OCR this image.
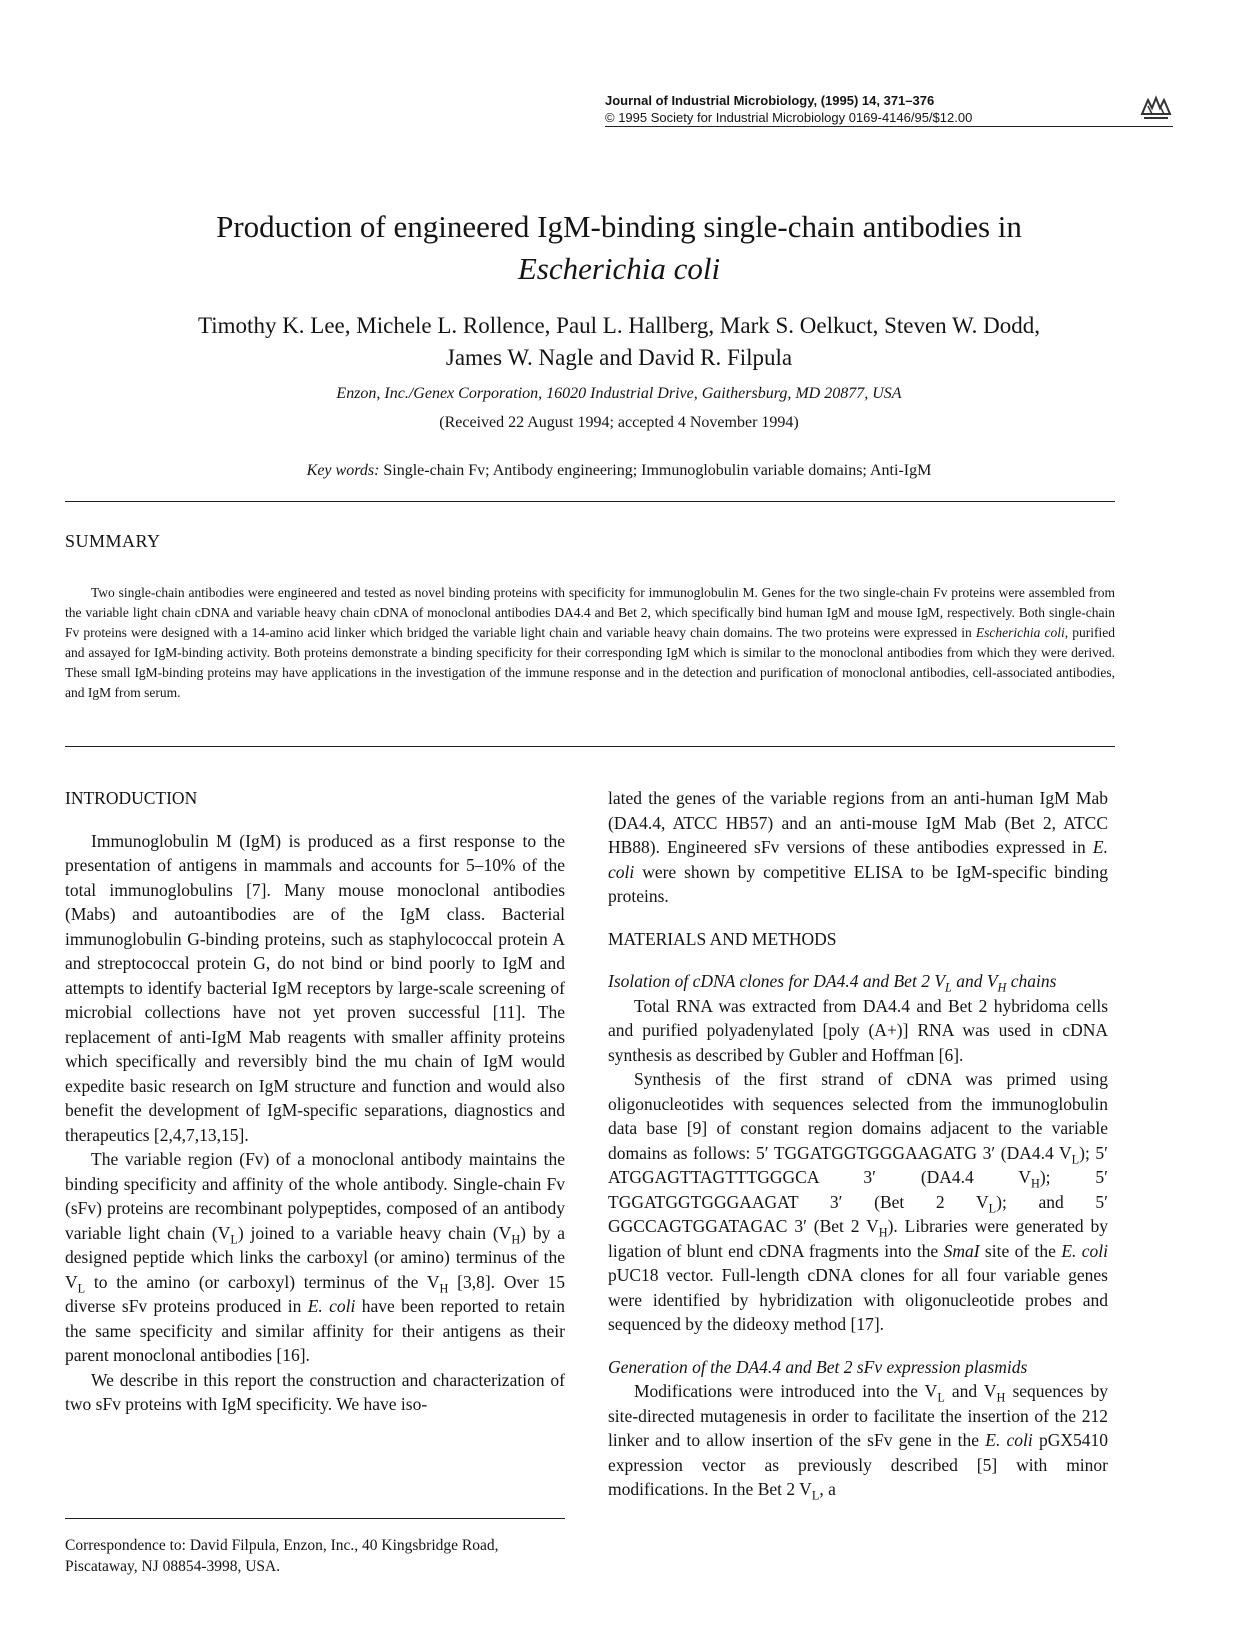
Journal of Industrial Microbiology, (1995) 14, 371–376
© 1995 Society for Industrial Microbiology 0169-4146/95/$12.00
Production of engineered IgM-binding single-chain antibodies in
Escherichia coli
Timothy K. Lee, Michele L. Rollence, Paul L. Hallberg, Mark S. Oelkuct, Steven W. Dodd,
James W. Nagle and David R. Filpula
Enzon, Inc./Genex Corporation, 16020 Industrial Drive, Gaithersburg, MD 20877, USA
(Received 22 August 1994; accepted 4 November 1994)
Key words: Single-chain Fv; Antibody engineering; Immunoglobulin variable domains; Anti-IgM
SUMMARY
Two single-chain antibodies were engineered and tested as novel binding proteins with specificity for immunoglobulin M. Genes for the two single-chain Fv proteins were assembled from the variable light chain cDNA and variable heavy chain cDNA of monoclonal antibodies DA4.4 and Bet 2, which specifically bind human IgM and mouse IgM, respectively. Both single-chain Fv proteins were designed with a 14-amino acid linker which bridged the variable light chain and variable heavy chain domains. The two proteins were expressed in Escherichia coli, purified and assayed for IgM-binding activity. Both proteins demonstrate a binding specificity for their corresponding IgM which is similar to the monoclonal antibodies from which they were derived. These small IgM-binding proteins may have applications in the investigation of the immune response and in the detection and purification of monoclonal antibodies, cell-associated antibodies, and IgM from serum.
INTRODUCTION

Immunoglobulin M (IgM) is produced as a first response to the presentation of antigens in mammals and accounts for 5–10% of the total immunoglobulins [7]. Many mouse monoclonal antibodies (Mabs) and autoantibodies are of the IgM class. Bacterial immunoglobulin G-binding proteins, such as staphylococcal protein A and streptococcal protein G, do not bind or bind poorly to IgM and attempts to identify bacterial IgM receptors by large-scale screening of microbial collections have not yet proven successful [11]. The replacement of anti-IgM Mab reagents with smaller affinity proteins which specifically and reversibly bind the mu chain of IgM would expedite basic research on IgM structure and function and would also benefit the development of IgM-specific separations, diagnostics and therapeutics [2,4,7,13,15].

The variable region (Fv) of a monoclonal antibody maintains the binding specificity and affinity of the whole antibody. Single-chain Fv (sFv) proteins are recombinant polypeptides, composed of an antibody variable light chain $(V_L)$ joined to a variable heavy chain $(V_H)$ by a designed peptide which links the carboxyl (or amino) terminus of the $V_L$ to the amino (or carboxyl) terminus of the $V_H$ [3,8]. Over 15 diverse sFv proteins produced in E. coli have been reported to retain the same specificity and similar affinity for their antigens as their parent monoclonal antibodies [16].

We describe in this report the construction and characterization of two sFv proteins with IgM specificity. We have iso-

lated the genes of the variable regions from an anti-human IgM Mab (DA4.4, ATCC HB57) and an anti-mouse IgM Mab (Bet 2, ATCC HB88). Engineered sFv versions of these antibodies expressed in E. coli were shown by competitive ELISA to be IgM-specific binding proteins.

MATERIALS AND METHODS

Isolation of cDNA clones for DA4.4 and Bet 2 $V_L$ and $V_H$ chains

Total RNA was extracted from DA4.4 and Bet 2 hybridoma cells and purified polyadenylated [poly (A+)] RNA was used in cDNA synthesis as described by Gubler and Hoffman [6].

Synthesis of the first strand of cDNA was primed using oligonucleotides with sequences selected from the immunoglobulin data base [9] of constant region domains adjacent to the variable domains as follows: 5′ TGGATGGTGGGAAGATG 3′ (DA4.4 $V_L$); 5′ ATGGAGTTAGTTTGGGCA 3′ (DA4.4 $V_H$); 5′ TGGATGGTGGGAAGAT 3′ (Bet 2 $V_L$); and 5′ GGCCAGTGGATAGAC 3′ (Bet 2 $V_H$). Libraries were generated by ligation of blunt end cDNA fragments into the SmaI site of the E. coli pUC18 vector. Full-length cDNA clones for all four variable genes were identified by hybridization with oligonucleotide probes and sequenced by the dideoxy method [17].

Generation of the DA4.4 and Bet 2 sFv expression plasmids

Modifications were introduced into the $V_L$ and $V_H$ sequences by site-directed mutagenesis in order to facilitate the insertion of the 212 linker and to allow insertion of the sFv gene in the E. coli pGX5410 expression vector as previously described [5] with minor modifications. In the Bet 2 $V_L$, a

Correspondence to: David Filpula, Enzon, Inc., 40 Kingsbridge Road, Piscataway, NJ 08854-3998, USA.
